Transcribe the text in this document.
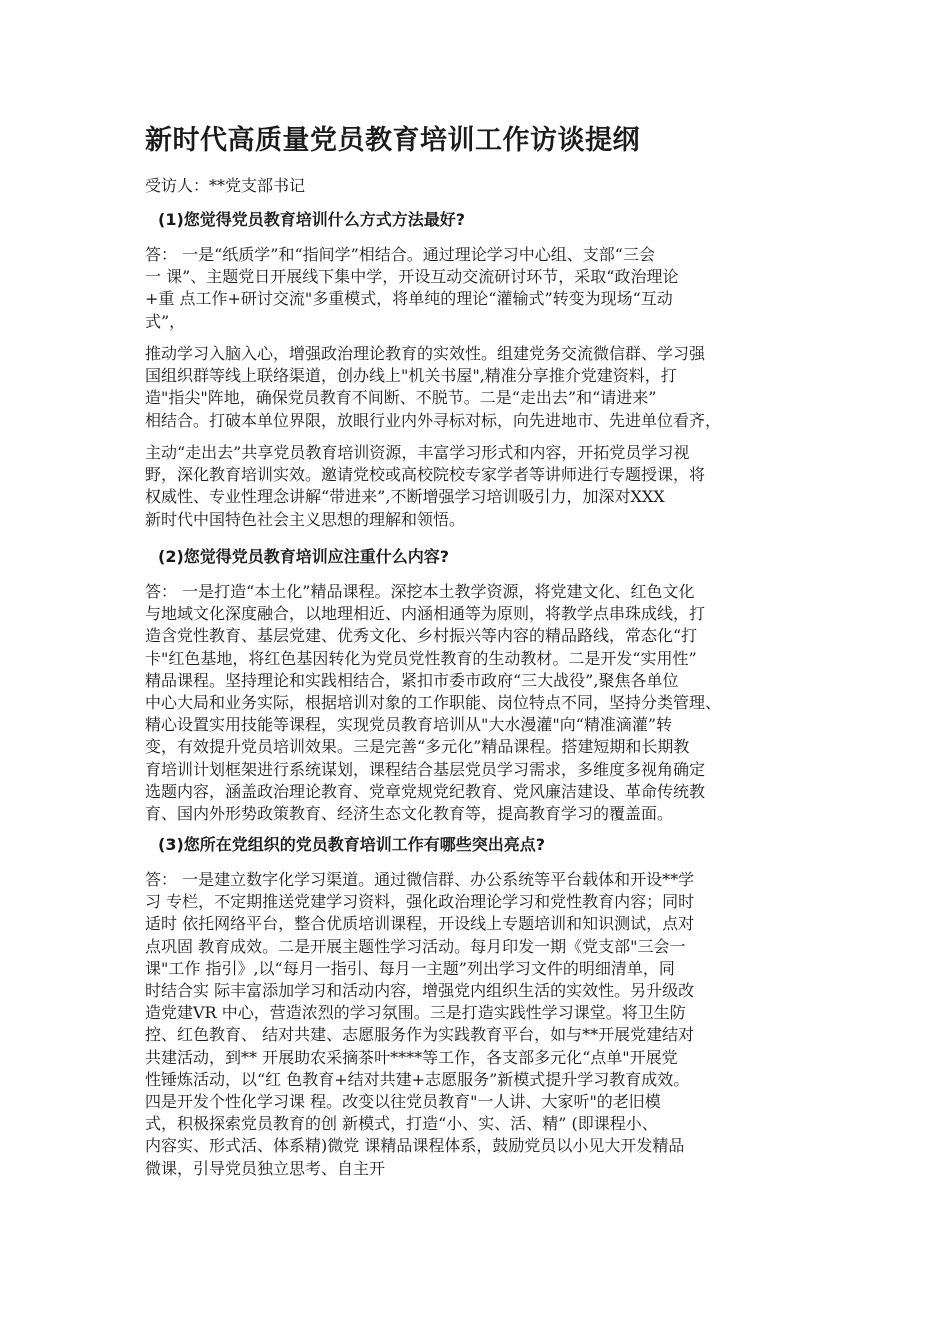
新时代高质量党员教育培训工作访谈提纲
受访人：**党支部书记
(1)您觉得党员教育培训什么方式方法最好?
答： 一是“纸质学”和“指间学”相结合。通过理论学习中心组、支部“三会
一 课”、主题党日开展线下集中学，开设互动交流研讨环节，采取“政治理论
+重 点工作+研讨交流"多重模式，将单纯的理论“灌输式”转变为现场“互动
式”，
推动学习入脑入心，增强政治理论教育的实效性。组建党务交流微信群、学习强
国组织群等线上联络渠道，创办线上"机关书屋",精准分享推介党建资料，打
造"指尖"阵地，确保党员教育不间断、不脱节。二是“走出去”和“请进来”
相结合。打破本单位界限，放眼行业内外寻标对标，向先进地市、先进单位看齐，
主动“走出去”共享党员教育培训资源，丰富学习形式和内容，开拓党员学习视
野，深化教育培训实效。邀请党校或高校院校专家学者等讲师进行专题授课，将
权威性、专业性理念讲解“带进来”,不断增强学习培训吸引力，加深对XXX
新时代中国特色社会主义思想的理解和领悟。
(2)您觉得党员教育培训应注重什么内容?
答： 一是打造“本土化”精品课程。深挖本土教学资源，将党建文化、红色文化
与地域文化深度融合，以地理相近、内涵相通等为原则，将教学点串珠成线，打
造含党性教育、基层党建、优秀文化、乡村振兴等内容的精品路线，常态化“打
卡"红色基地，将红色基因转化为党员党性教育的生动教材。二是开发“实用性”
精品课程。坚持理论和实践相结合，紧扣市委市政府“三大战役”,聚焦各单位
中心大局和业务实际，根据培训对象的工作职能、岗位特点不同，坚持分类管理、
精心设置实用技能等课程，实现党员教育培训从"大水漫灌"向“精准滴灌”转
变，有效提升党员培训效果。三是完善“多元化”精品课程。搭建短期和长期教
育培训计划框架进行系统谋划，课程结合基层党员学习需求，多维度多视角确定
选题内容，涵盖政治理论教育、党章党规党纪教育、党风廉洁建设、革命传统教
育、国内外形势政策教育、经济生态文化教育等，提高教育学习的覆盖面。
(3)您所在党组织的党员教育培训工作有哪些突出亮点?
答： 一是建立数字化学习渠道。通过微信群、办公系统等平台载体和开设**学
习 专栏，不定期推送党建学习资料，强化政治理论学习和党性教育内容；同时
适时 依托网络平台，整合优质培训课程，开设线上专题培训和知识测试，点对
点巩固 教育成效。二是开展主题性学习活动。每月印发一期《党支部"三会一
课"工作 指引》,以“每月一指引、每月一主题”列出学习文件的明细清单，同
时结合实 际丰富添加学习和活动内容，增强党内组织生活的实效性。另升级改
造党建VR 中心，营造浓烈的学习氛围。三是打造实践性学习课堂。将卫生防
控、红色教育、 结对共建、志愿服务作为实践教育平台，如与**开展党建结对
共建活动，到** 开展助农采摘茶叶****等工作，各支部多元化“点单"开展党
性锤炼活动，以“红 色教育+结对共建+志愿服务”新模式提升学习教育成效。
四是开发个性化学习课 程。改变以往党员教育"一人讲、大家听"的老旧模
式，积极探索党员教育的创 新模式，打造“小、实、活、精” (即课程小、
内容实、形式活、体系精)微党 课精品课程体系，鼓励党员以小见大开发精品
微课，引导党员独立思考、自主开
